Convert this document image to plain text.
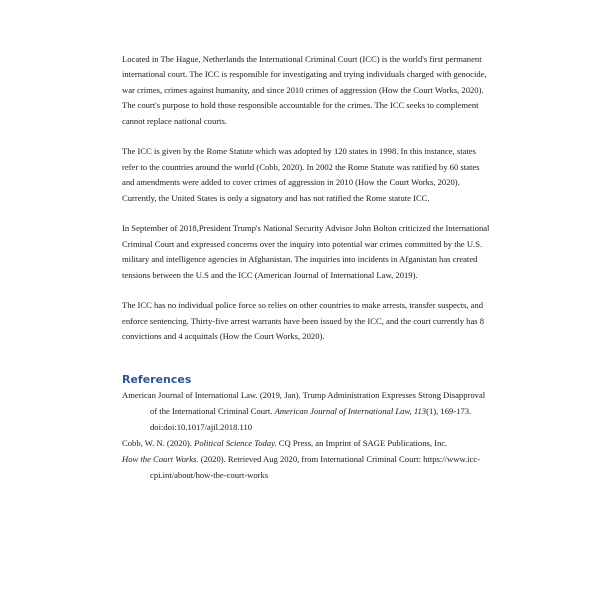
Located in The Hague, Netherlands the International Criminal Court (ICC) is the world's first permanent international court. The ICC is responsible for investigating and trying individuals charged with genocide, war crimes, crimes against humanity, and since 2010 crimes of aggression (How the Court Works, 2020). The court's purpose to hold those responsible accountable for the crimes. The ICC seeks to complement cannot replace national courts.

The ICC is given by the Rome Statute which was adopted by 120 states in 1998. In this instance, states refer to the countries around the world (Cobb, 2020). In 2002 the Rome Statute was ratified by 60 states and amendments were added to cover crimes of aggression in 2010 (How the Court Works, 2020). Currently, the United States is only a signatory and has not ratified the Rome statute ICC.

In September of 2018,President Trump's National Security Advisor John Bolton criticized the International Criminal Court and expressed concerns over the inquiry into potential war crimes committed by the U.S. military and intelligence agencies in Afghanistan. The inquiries into incidents in Afganistan has created tensions between the U.S and the ICC (American Journal of International Law, 2019).

The ICC has no individual police force so relies on other countries to make arrests, transfer suspects, and enforce sentencing. Thirty-five arrest warrants have been issued by the ICC, and the court currently has 8 convictions and 4 acquittals (How the Court Works, 2020).

References

American Journal of International Law. (2019, Jan). Trump Administration Expresses Strong Disapproval of the International Criminal Court. American Journal of International Law, 113(1), 169-173. doi:doi:10.1017/ajil.2018.110

Cobb, W. N. (2020). Political Science Today. CQ Press, an Imprint of SAGE Publications, Inc.

How the Court Works. (2020). Retrieved Aug 2020, from International Criminal Court: https://www.icc-cpi.int/about/how-the-court-works
